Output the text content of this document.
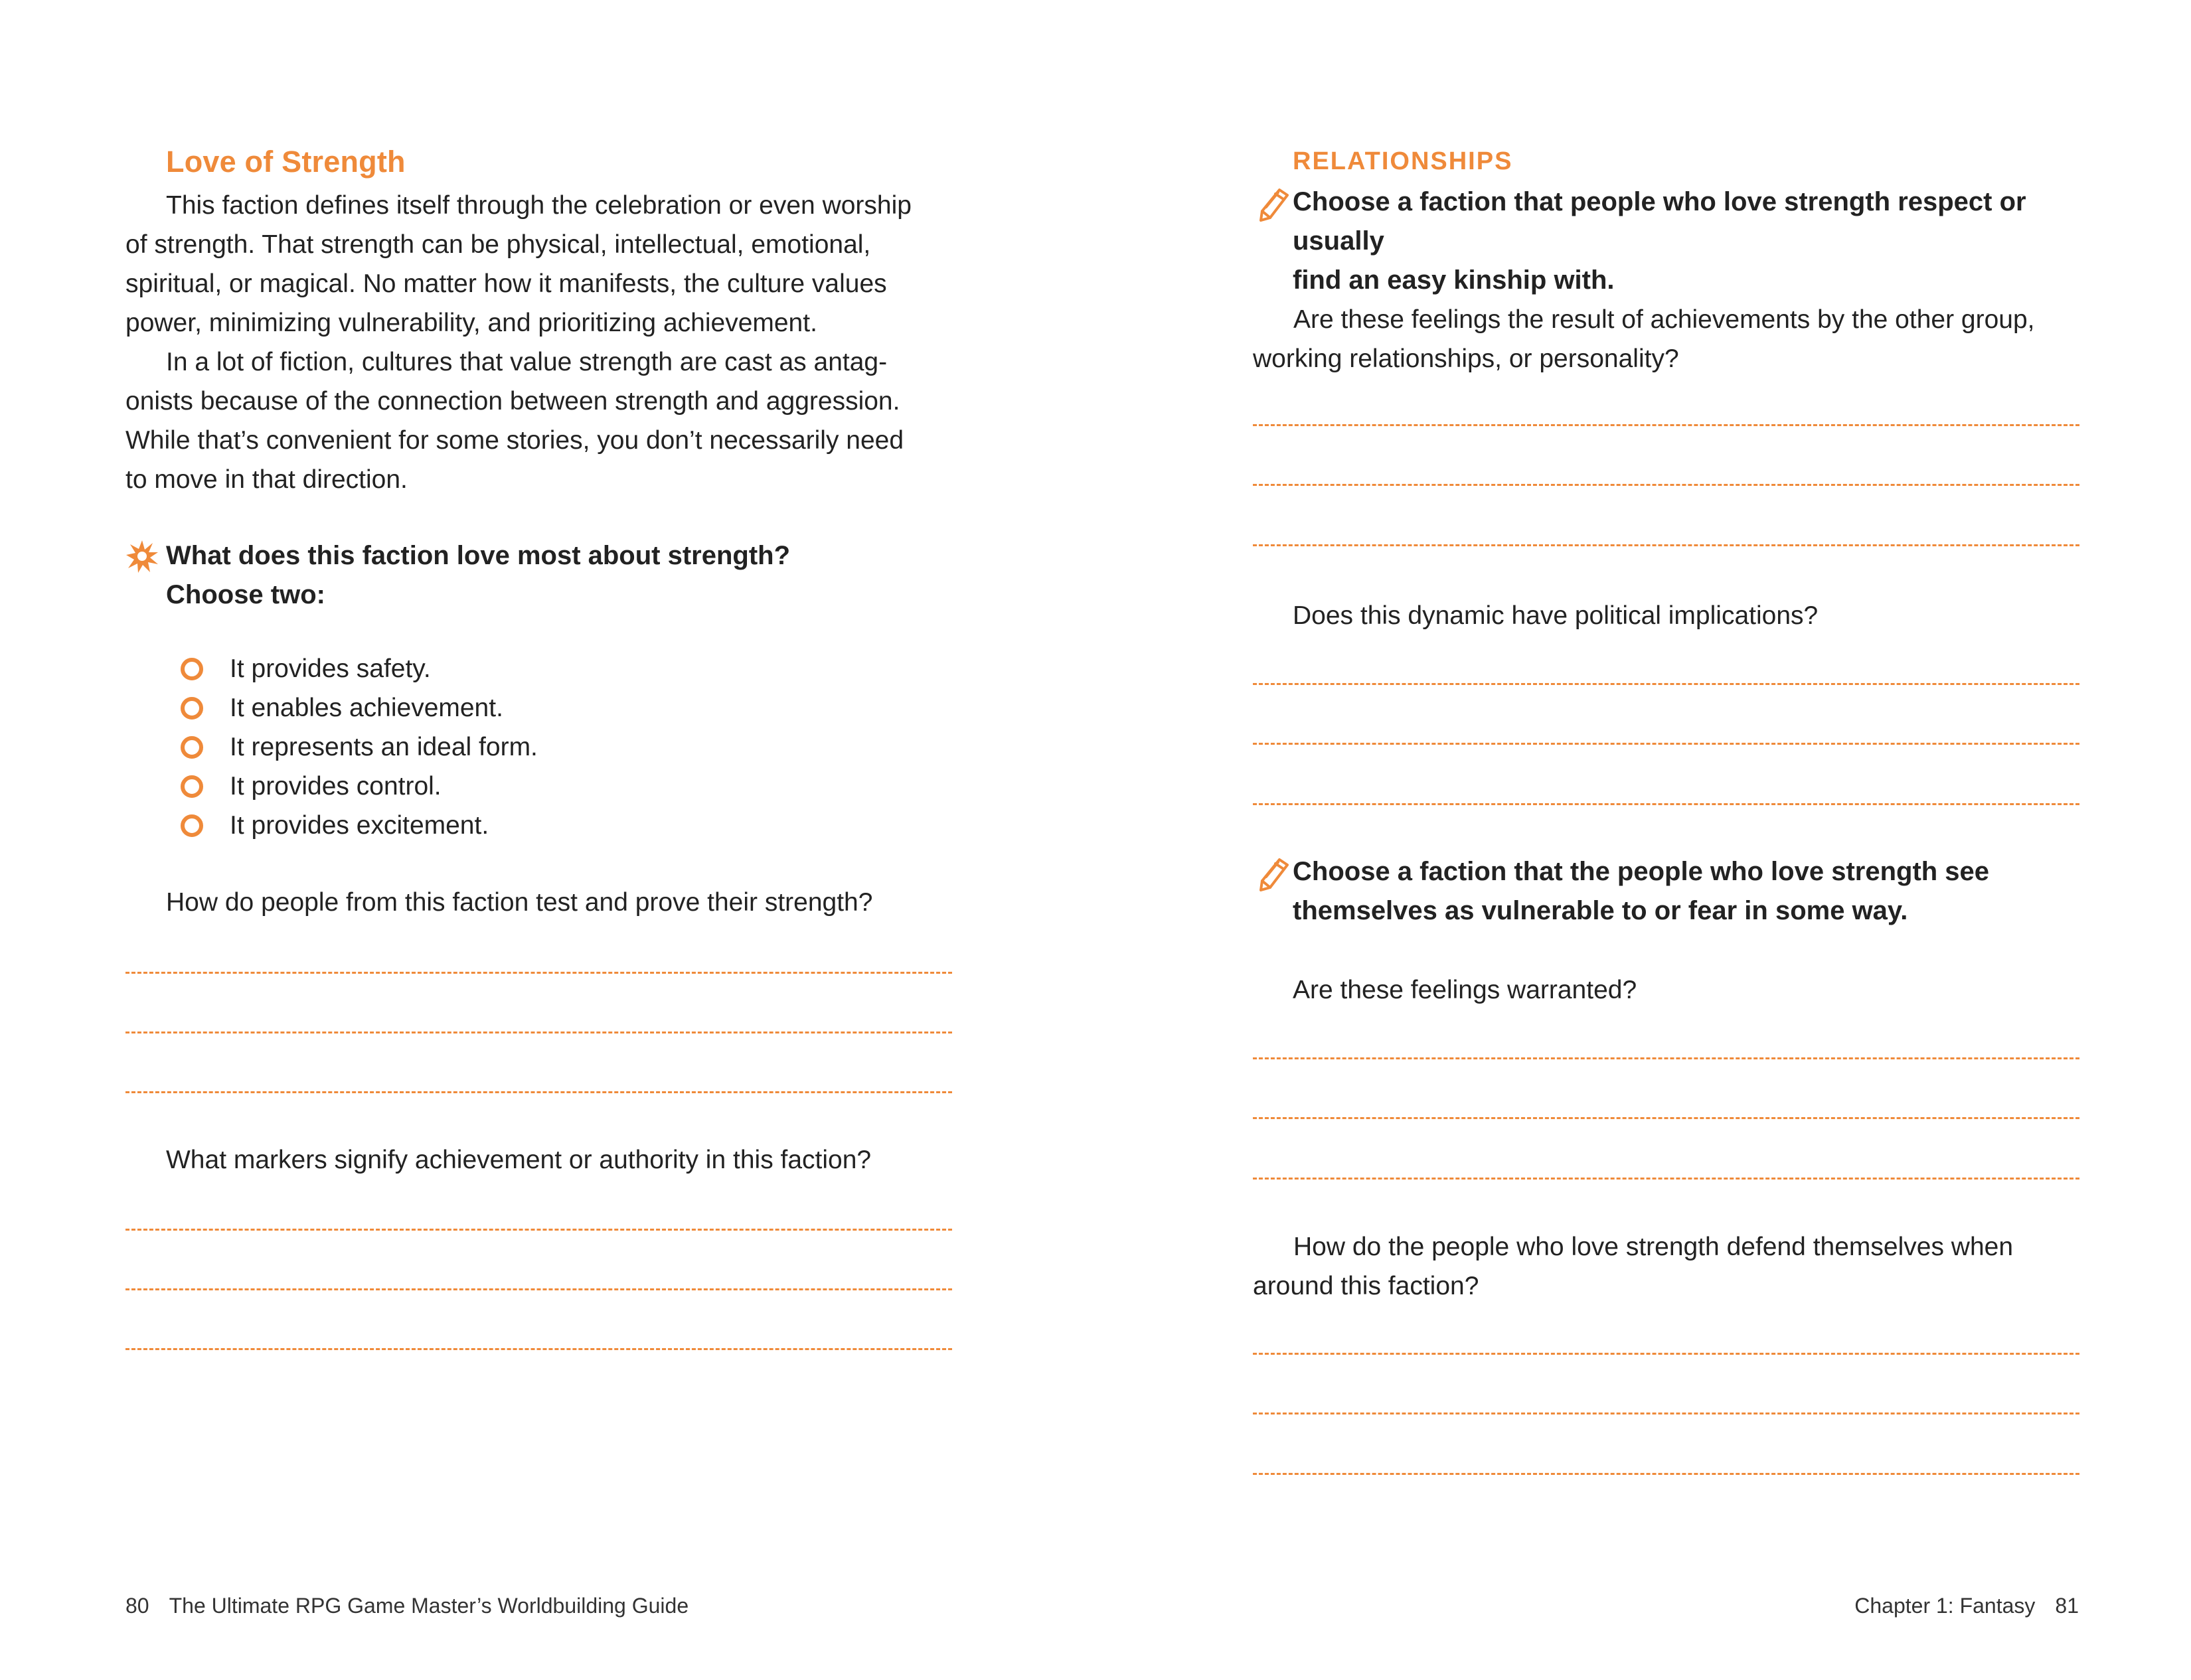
Love of Strength

This faction defines itself through the celebration or even worship
of strength. That strength can be physical, intellectual, emotional,
spiritual, or magical. No matter how it manifests, the culture values
power, minimizing vulnerability, and prioritizing achievement.

In a lot of fiction, cultures that value strength are cast as antag-
onists because of the connection between strength and aggression.
While that’s convenient for some stories, you don’t necessarily need
to move in that direction.

What does this faction love most about strength?
Choose two:

It provides safety.
It enables achievement.
It represents an ideal form.
It provides control.
It provides excitement.

How do people from this faction test and prove their strength?

What markers signify achievement or authority in this faction?

80 The Ultimate RPG Game Master’s Worldbuilding Guide
RELATIONSHIPS

Choose a faction that people who love strength respect or usually
find an easy kinship with.

Are these feelings the result of achievements by the other group,
working relationships, or personality?

Does this dynamic have political implications?

Choose a faction that the people who love strength see
themselves as vulnerable to or fear in some way.

Are these feelings warranted?

How do the people who love strength defend themselves when
around this faction?

Chapter 1: Fantasy 81
